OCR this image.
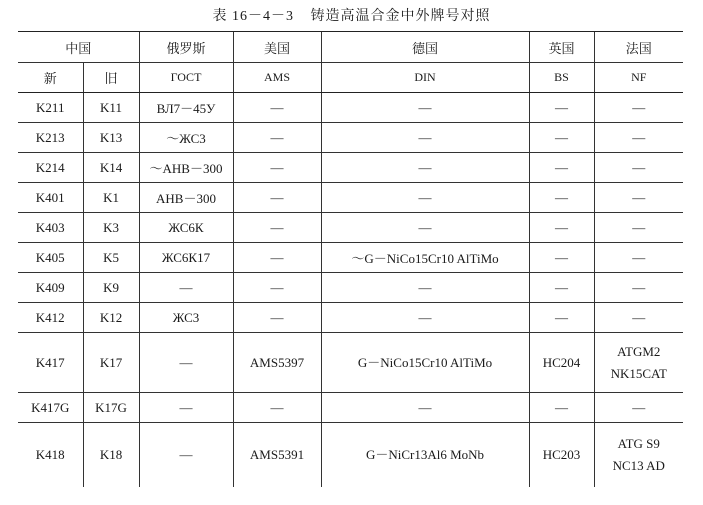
表 16－4－3 铸造高温合金中外牌号对照
中国		俄罗斯	美国	德国	英国	法国
新	旧	ГОСТ	AMS	DIN	BS	NF
K211	K11	ВЛ7－45У	—	—	—	—

K213	K13	～ЖС3	—	—	—	—

K214	K14	～АНВ－300	—	—	—	—

K401	K1	АНВ－300	—	—	—	—

K403	K3	ЖС6К	—	—	—	—

K405	K5	ЖС6К17	—	～G－NiCo15Cr10 AlTiMo	—	—

K409	K9	—	—	—	—	—

K412	K12	ЖС3	—	—	—	—

K417	K17	—	AMS5397	G－NiCo15Cr10 AlTiMo	HC204	ATGM2
NK15CAT

K417G	K17G	—	—	—	—	—

K418	K18	—	AMS5391	G－NiCr13Al6 MoNb	HC203	ATG S9
NC13 AD
